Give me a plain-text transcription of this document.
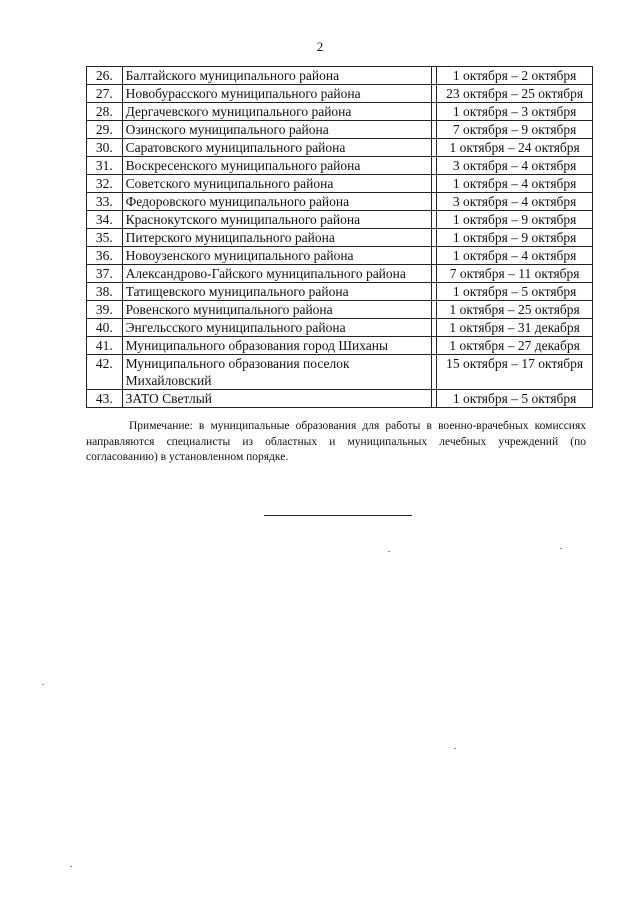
2
26.	Балтайского муниципального района		1 октября – 2 октября
27.	Новобурасского муниципального района		23 октября – 25 октября
28.	Дергачевского муниципального района		1 октября – 3 октября
29.	Озинского муниципального района		7 октября – 9 октября
30.	Саратовского муниципального района		1 октября – 24 октября
31.	Воскресенского муниципального района		3 октября – 4 октября
32.	Советского муниципального района		1 октября – 4 октября
33.	Федоровского муниципального района		3 октября – 4 октября
34.	Краснокутского муниципального района		1 октября – 9 октября
35.	Питерского муниципального района		1 октября – 9 октября
36.	Новоузенского муниципального района		1 октября – 4 октября
37.	Александрово-Гайского муниципального района		7 октября – 11 октября
38.	Татищевского муниципального района		1 октября – 5 октября
39.	Ровенского муниципального района		1 октября – 25 октября
40.	Энгельсского муниципального района		1 октября – 31 декабря
41.	Муниципального образования город Шиханы		1 октября – 27 декабря
42.	Муниципального образования поселок Михайловский		15 октября – 17 октября
43.	ЗАТО Светлый		1 октября – 5 октября
Примечание: в муниципальные образования для работы в военно-врачебных комиссиях направляются специалисты из областных и муниципальных лечебных учреждений (по согласованию) в установленном порядке.
